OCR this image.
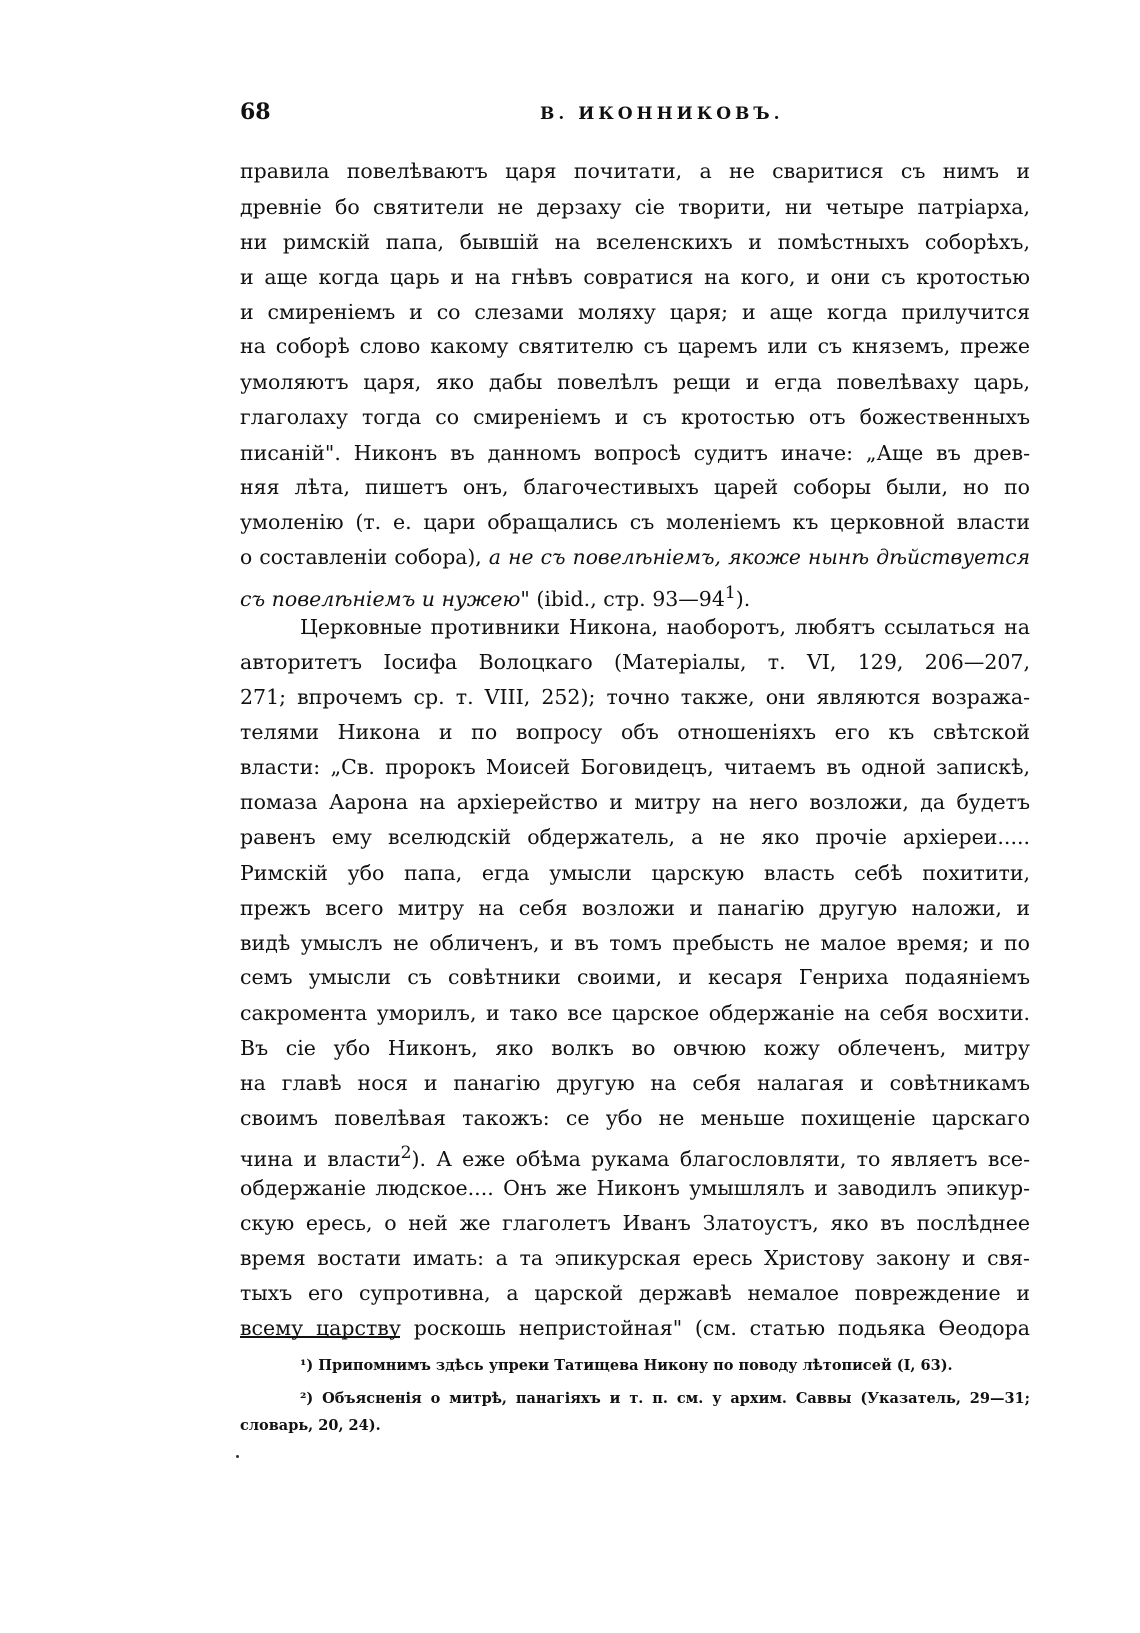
68	В. ИКОННИКОВЪ.
правила повелѣваютъ царя почитати, а не сваритися съ нимъ и
древніе бо святители не дерзаху сіе творити, ни четыре патріарха,
ни римскій папа, бывшій на вселенскихъ и помѣстныхъ соборѣхъ,
и аще когда царь и на гнѣвъ совратися на кого, и они съ кротостью
и смиреніемъ и со слезами моляху царя; и аще когда прилучится
на соборѣ слово какому святителю съ царемъ или съ княземъ, преже
умоляютъ царя, яко дабы повелѣлъ рещи и егда повелѣваху царь,
глаголаху тогда со смиреніемъ и съ кротостью отъ божественныхъ
писаній". Никонъ въ данномъ вопросѣ судитъ иначе: „Аще въ древ-
няя лѣта, пишетъ онъ, благочестивыхъ царей соборы были, но по
умоленію (т. е. цари обращались съ моленіемъ къ церковной власти
о составленіи собора), а не съ повелѣніемъ, якоже нынѣ дѣйствуется
съ повелѣніемъ и нужею" (ibid., стр. $93—94^1$).
Церковные противники Никона, наоборотъ, любятъ ссылаться на
авторитетъ Іосифа Волоцкаго (Матеріалы, т. VI, 129, 206—207,
271; впрочемъ ср. т. VIII, 252); точно также, они являются возража-
телями Никона и по вопросу объ отношеніяхъ его къ свѣтской
власти: „Св. пророкъ Моисей Боговидецъ, читаемъ въ одной запискѣ,
помаза Аарона на архіерейство и митру на него возложи, да будетъ
равенъ ему вселюдскій обдержатель, а не яко прочіе архіереи.....
Римскій убо папа, егда умысли царскую власть себѣ похитити,
прежъ всего митру на себя возложи и панагію другую наложи, и
видѣ умыслъ не обличенъ, и въ томъ пребысть не малое время; и по
семъ умысли съ совѣтники своими, и кесаря Генриха подаяніемъ
сакромента уморилъ, и тако все царское обдержаніе на себя восхити.
Въ сіе убо Никонъ, яко волкъ во овчюю кожу облеченъ, митру
на главѣ нося и панагію другую на себя налагая и совѣтникамъ
своимъ повелѣвая такожъ: се убо не меньше похищеніе царскаго
чина и власти$^2$). А еже обѣма рукама благословляти, то являетъ все-
обдержаніе людское.... Онъ же Никонъ умышлялъ и заводилъ эпикур-
скую ересь, о ней же глаголетъ Иванъ Златоустъ, яко въ послѣднее
время востати имать: а та эпикурская ересь Христову закону и свя-
тыхъ его супротивна, а царской державѣ немалое повреждение и
всему царству роскошь непристойная" (см. статью подьяка Ѳеодора
¹) Припомнимъ здѣсь упреки Татищева Никону по поводу лѣтописей (I, 63).
²) Объясненія о митрѣ, панагіяхъ и т. п. см. у архим. Саввы (Указатель, 29—31;
словарь, 20, 24).
